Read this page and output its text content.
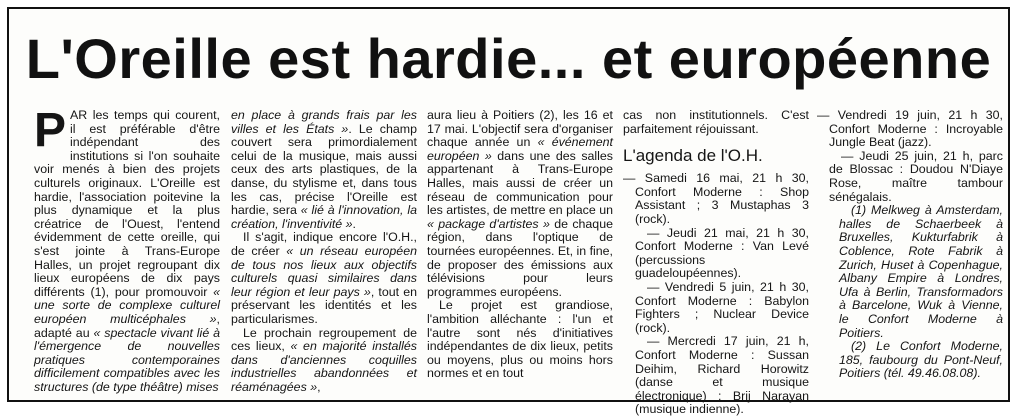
L'Oreille est hardie... et européenne

PAR les temps qui courent, il est préférable d'être indépendant des institutions si l'on souhaite voir menés à bien des projets culturels originaux. L'Oreille est hardie, l'association poitevine la plus dynamique et la plus créatrice de l'Ouest, l'entend évidemment de cette oreille, qui s'est jointe à Trans-Europe Halles, un projet regroupant dix lieux européens de dix pays différents (1), pour promouvoir « une sorte de complexe culturel européen multicéphales », adapté au « spectacle vivant lié à l'émergence de nouvelles pratiques contemporaines difficilement compatibles avec les structures (de type théâtre) mises

en place à grands frais par les villes et les États ». Le champ couvert sera primordialement celui de la musique, mais aussi ceux des arts plastiques, de la danse, du stylisme et, dans tous les cas, précise l'Oreille est hardie, sera « lié à l'innovation, la création, l'inventivité ».

Il s'agit, indique encore l'O.H., de créer « un réseau européen de tous nos lieux aux objectifs culturels quasi similaires dans leur région et leur pays », tout en préservant les identités et les particularismes.

Le prochain regroupement de ces lieux, « en majorité installés dans d'anciennes coquilles industrielles abandonnées et réaménagées »,

aura lieu à Poitiers (2), les 16 et 17 mai. L'objectif sera d'organiser chaque année un « événement européen » dans une des salles appartenant à Trans-Europe Halles, mais aussi de créer un réseau de communication pour les artistes, de mettre en place un « package d'artistes » de chaque région, dans l'optique de tournées européennes. Et, in fine, de proposer des émissions aux télévisions pour leurs programmes européens.

Le projet est grandiose, l'ambition alléchante : l'un et l'autre sont nés d'initiatives indépendantes de dix lieux, petits ou moyens, plus ou moins hors normes et en tout

cas non institutionnels. C'est parfaitement réjouissant.

L'agenda de l'O.H.

— Samedi 16 mai, 21 h 30, Confort Moderne : Shop Assistant ; 3 Mustaphas 3 (rock).

— Jeudi 21 mai, 21 h 30, Confort Moderne : Van Levé (percussions guadeloupéennes).

— Vendredi 5 juin, 21 h 30, Confort Moderne : Babylon Fighters ; Nuclear Device (rock).

— Mercredi 17 juin, 21 h, Confort Moderne : Sussan Deihim, Richard Horowitz (danse et musique électronique) ; Brij Narayan (musique indienne).

— Vendredi 19 juin, 21 h 30, Confort Moderne : Incroyable Jungle Beat (jazz).

— Jeudi 25 juin, 21 h, parc de Blossac : Doudou N'Diaye Rose, maître tambour sénégalais.

(1) Melkweg à Amsterdam, halles de Schaerbeek à Bruxelles, Kukturfabrik à Coblence, Rote Fabrik à Zurich, Huset à Copenhague, Albany Empire à Londres, Ufa à Berlin, Transformadors à Barcelone, Wuk à Vienne, le Confort Moderne à Poitiers.

(2) Le Confort Moderne, 185, faubourg du Pont-Neuf, Poitiers (tél. 49.46.08.08).
